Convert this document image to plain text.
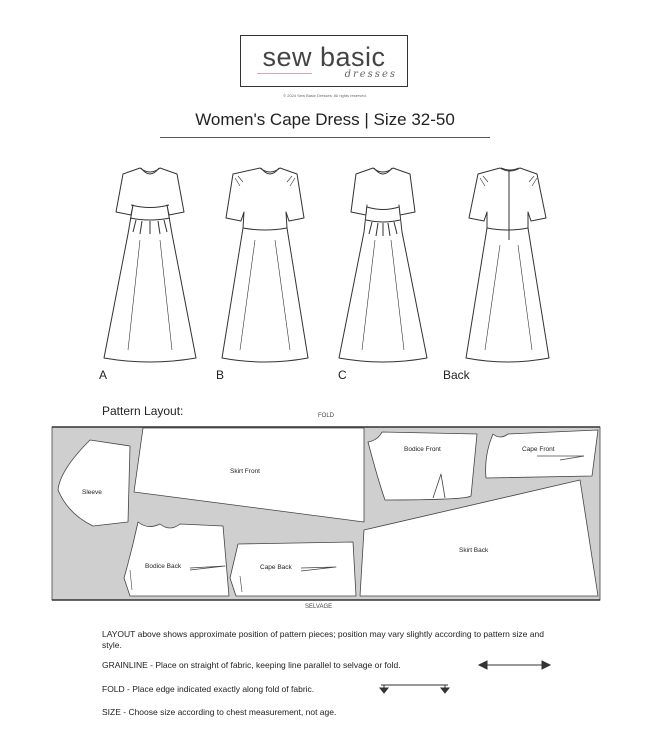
sew basic
dresses
© 2024 Sew Basic Dresses. All rights reserved.
Women's Cape Dress | Size 32-50
A	B	C	Back
Pattern Layout:	FOLD
Sleeve
Skirt Front
Bodice Front	Cape Front
Bodice Back	Cape Back
Skirt Back
SELVAGE
LAYOUT above shows approximate position of pattern pieces; position may vary slightly according to pattern size and style.
GRAINLINE - Place on straight of fabric, keeping line parallel to selvage or fold.
FOLD - Place edge indicated exactly along fold of fabric.
SIZE - Choose size according to chest measurement, not age.
